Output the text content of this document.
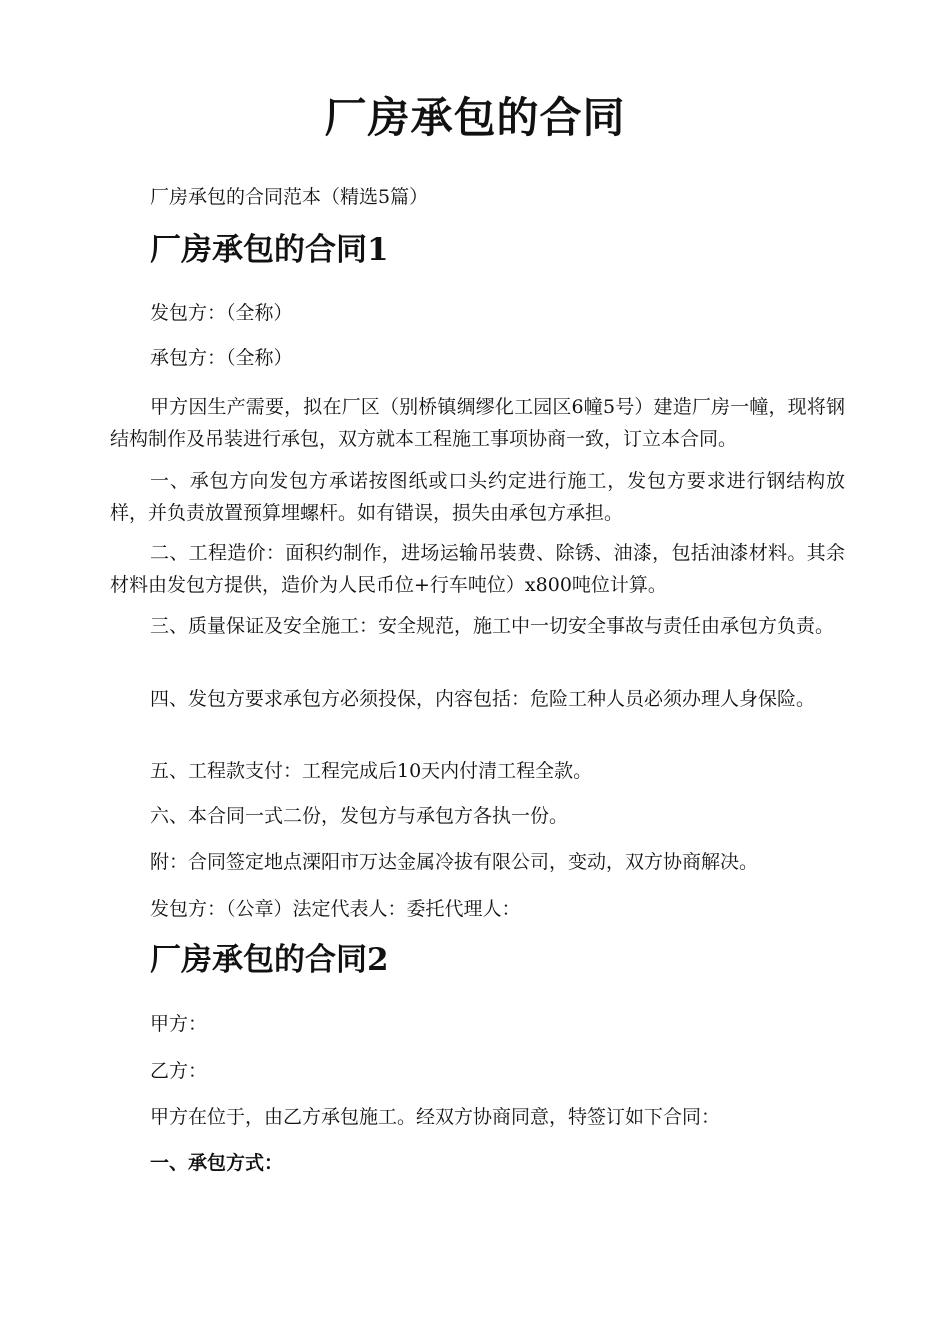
厂房承包的合同
厂房承包的合同范本（精选5篇）
厂房承包的合同1
发包方：（全称）
承包方：（全称）
甲方因生产需要，拟在厂区（别桥镇绸缪化工园区6幢5号）建造厂房一幢，现将钢结构制作及吊装进行承包，双方就本工程施工事项协商一致，订立本合同。
一、承包方向发包方承诺按图纸或口头约定进行施工，发包方要求进行钢结构放样，并负责放置预算埋螺杆。如有错误，损失由承包方承担。
二、工程造价：面积约制作，进场运输吊装费、除锈、油漆，包括油漆材料。其余材料由发包方提供，造价为人民币位+行车吨位）x800吨位计算。
三、质量保证及安全施工：安全规范，施工中一切安全事故与责任由承包方负责。
四、发包方要求承包方必须投保，内容包括：危险工种人员必须办理人身保险。
五、工程款支付：工程完成后10天内付清工程全款。
六、本合同一式二份，发包方与承包方各执一份。
附：合同签定地点溧阳市万达金属冷拔有限公司，变动，双方协商解决。
发包方：（公章）法定代表人：委托代理人：
厂房承包的合同2
甲方：
乙方：
甲方在位于，由乙方承包施工。经双方协商同意，特签订如下合同：
一、承包方式：
